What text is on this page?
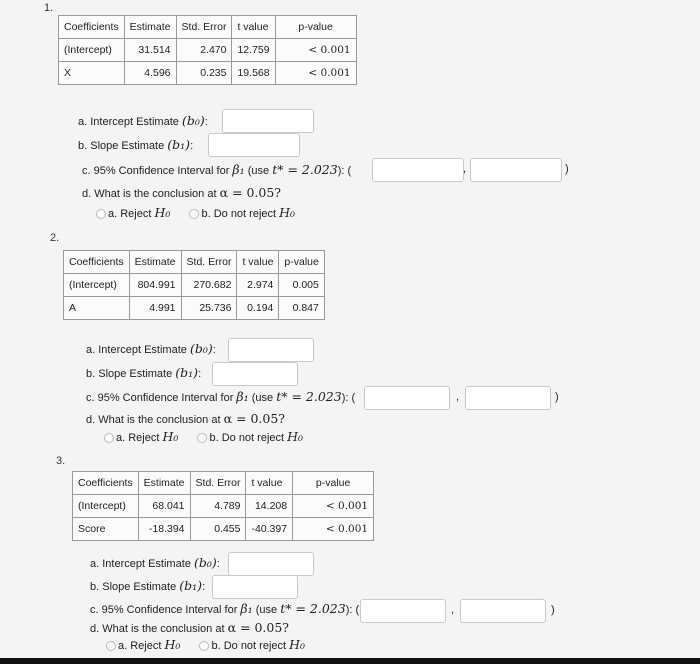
1.
Coefficients	Estimate	Std. Error	t value	p-value
(Intercept)	31.514	2.470	12.759	< 0.001
X	4.596	0.235	19.568	< 0.001
a. Intercept Estimate (b₀):
b. Slope Estimate (b₁):
c. 95% Confidence Interval for β₁ (use t* = 2.023): (	,	)
d. What is the conclusion at α = 0.05?
a. Reject H₀	b. Do not reject H₀
2.
Coefficients	Estimate	Std. Error	t value	p-value
(Intercept)	804.991	270.682	2.974	0.005
A	4.991	25.736	0.194	0.847
a. Intercept Estimate (b₀):
b. Slope Estimate (b₁):
c. 95% Confidence Interval for β₁ (use t* = 2.023): (	,	)
d. What is the conclusion at α = 0.05?
a. Reject H₀	b. Do not reject H₀
3.
Coefficients	Estimate	Std. Error	t value	p-value
(Intercept)	68.041	4.789	14.208	< 0.001
Score	-18.394	0.455	-40.397	< 0.001
a. Intercept Estimate (b₀):
b. Slope Estimate (b₁):
c. 95% Confidence Interval for β₁ (use t* = 2.023): (	,	)
d. What is the conclusion at α = 0.05?
a. Reject H₀	b. Do not reject H₀
